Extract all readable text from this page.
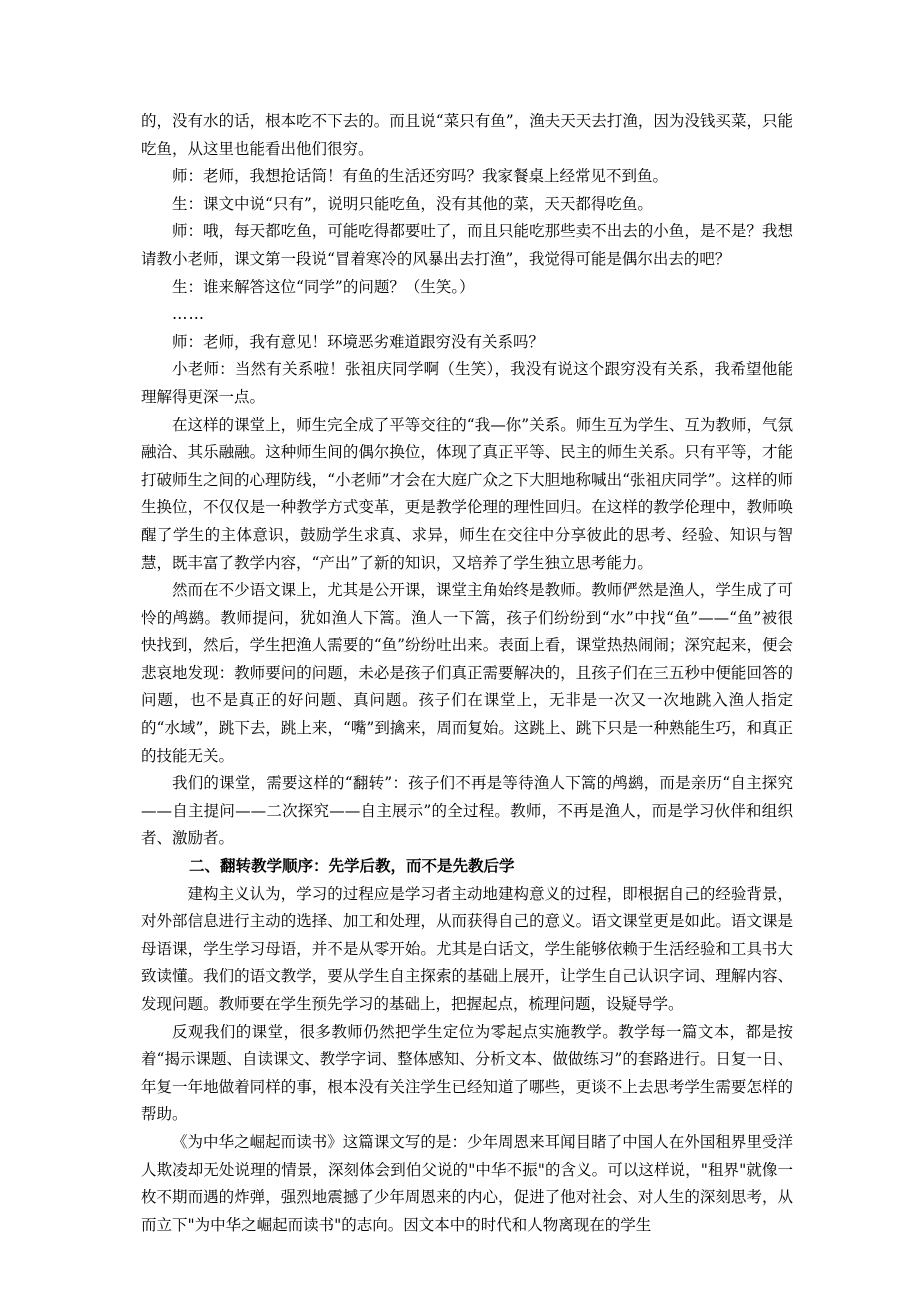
的，没有水的话，根本吃不下去的。而且说“菜只有鱼”，渔夫天天去打渔，因为没钱买菜，只能吃鱼，从这里也能看出他们很穷。

师：老师，我想抢话筒！有鱼的生活还穷吗？我家餐桌上经常见不到鱼。

生：课文中说“只有”，说明只能吃鱼，没有其他的菜，天天都得吃鱼。

师：哦，每天都吃鱼，可能吃得都要吐了，而且只能吃那些卖不出去的小鱼，是不是？我想请教小老师，课文第一段说“冒着寒冷的风暴出去打渔”，我觉得可能是偶尔出去的吧？

生：谁来解答这位“同学”的问题？（生笑。）

……

师：老师，我有意见！环境恶劣难道跟穷没有关系吗？

小老师：当然有关系啦！张祖庆同学啊（生笑），我没有说这个跟穷没有关系，我希望他能理解得更深一点。

在这样的课堂上，师生完全成了平等交往的“我—你”关系。师生互为学生、互为教师，气氛融洽、其乐融融。这种师生间的偶尔换位，体现了真正平等、民主的师生关系。只有平等，才能打破师生之间的心理防线，“小老师”才会在大庭广众之下大胆地称喊出“张祖庆同学”。这样的师生换位，不仅仅是一种教学方式变革，更是教学伦理的理性回归。在这样的教学伦理中，教师唤醒了学生的主体意识，鼓励学生求真、求异，师生在交往中分享彼此的思考、经验、知识与智慧，既丰富了教学内容，“产出”了新的知识，又培养了学生独立思考能力。

然而在不少语文课上，尤其是公开课，课堂主角始终是教师。教师俨然是渔人，学生成了可怜的鸬鹚。教师提问，犹如渔人下篙。渔人一下篙，孩子们纷纷到“水”中找“鱼”——“鱼”被很快找到，然后，学生把渔人需要的“鱼”纷纷吐出来。表面上看，课堂热热闹闹；深究起来，便会悲哀地发现：教师要问的问题，未必是孩子们真正需要解决的，且孩子们在三五秒中便能回答的问题，也不是真正的好问题、真问题。孩子们在课堂上，无非是一次又一次地跳入渔人指定的“水域”，跳下去，跳上来，“嘴”到擒来，周而复始。这跳上、跳下只是一种熟能生巧，和真正的技能无关。

我们的课堂，需要这样的“翻转”：孩子们不再是等待渔人下篙的鸬鹚，而是亲历“自主探究——自主提问——二次探究——自主展示”的全过程。教师，不再是渔人，而是学习伙伴和组织者、激励者。

二、翻转教学顺序：先学后教，而不是先教后学

建构主义认为，学习的过程应是学习者主动地建构意义的过程，即根据自己的经验背景，对外部信息进行主动的选择、加工和处理，从而获得自己的意义。语文课堂更是如此。语文课是母语课，学生学习母语，并不是从零开始。尤其是白话文，学生能够依赖于生活经验和工具书大致读懂。我们的语文教学，要从学生自主探索的基础上展开，让学生自己认识字词、理解内容、发现问题。教师要在学生预先学习的基础上，把握起点，梳理问题，设疑导学。

反观我们的课堂，很多教师仍然把学生定位为零起点实施教学。教学每一篇文本，都是按着“揭示课题、自读课文、教学字词、整体感知、分析文本、做做练习”的套路进行。日复一日、年复一年地做着同样的事，根本没有关注学生已经知道了哪些，更谈不上去思考学生需要怎样的帮助。

《为中华之崛起而读书》这篇课文写的是：少年周恩来耳闻目睹了中国人在外国租界里受洋人欺凌却无处说理的情景，深刻体会到伯父说的"中华不振"的含义。可以这样说，"租界"就像一枚不期而遇的炸弹，强烈地震撼了少年周恩来的内心，促进了他对社会、对人生的深刻思考，从而立下"为中华之崛起而读书"的志向。因文本中的时代和人物离现在的学生
